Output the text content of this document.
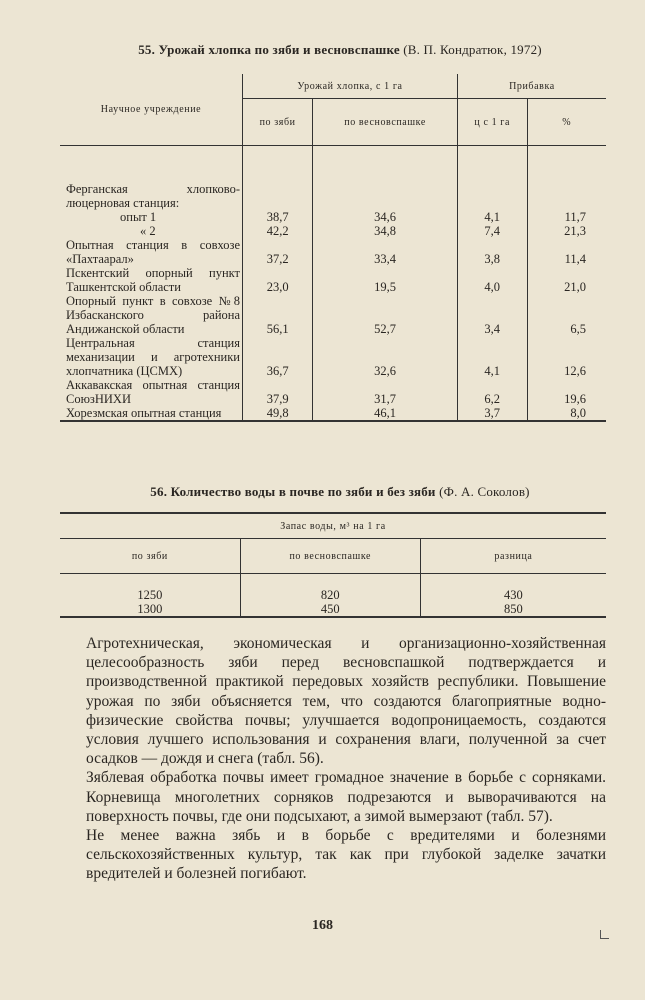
55. Урожай хлопка по зяби и весновспашке (В. П. Кондратюк, 1972)
Научное учреждение	Урожай хлопка, с 1 га		Прибавка	
	по зяби	по весновспашке	ц с 1 га	%
Ферганская хлопково-люцерновая станция:				
опыт 1	38,7	34,6	4,1	11,7
« 2	42,2	34,8	7,4	21,3
Опытная станция в совхозе «Пахтаарал»	37,2	33,4	3,8	11,4
Пскентский опорный пункт Ташкентской области	23,0	19,5	4,0	21,0
Опорный пункт в совхозе №8 Избасканского района Андижанской области	56,1	52,7	3,4	6,5
Центральная станция механизации и агротехники хлопчатника (ЦСМХ)	36,7	32,6	4,1	12,6
Аккавакская опытная станция СоюзНИХИ	37,9	31,7	6,2	19,6
Хорезмская опытная станция	49,8	46,1	3,7	8,0
56. Количество воды в почве по зяби и без зяби (Ф. А. Соколов)
Запас воды, м³ на 1 га		
по зяби	по весновспашке	разница
1250	820	430
1300	450	850

Агротехническая, экономическая и организационно-хозяйственная целесообразность зяби перед весновспашкой подтверждается и производственной практикой передовых хозяйств республики. Повышение урожая по зяби объясняется тем, что создаются благоприятные водно-физические свойства почвы; улучшается водопроницаемость, создаются условия лучшего использования и сохранения влаги, полученной за счет осадков — дождя и снега (табл. 56).

Зяблевая обработка почвы имеет громадное значение в борьбе с сорняками. Корневища многолетних сорняков подрезаются и выворачиваются на поверхность почвы, где они подсыхают, а зимой вымерзают (табл. 57).

Не менее важна зябь и в борьбе с вредителями и болезнями сельскохозяйственных культур, так как при глубокой заделке зачатки вредителей и болезней погибают.

168
